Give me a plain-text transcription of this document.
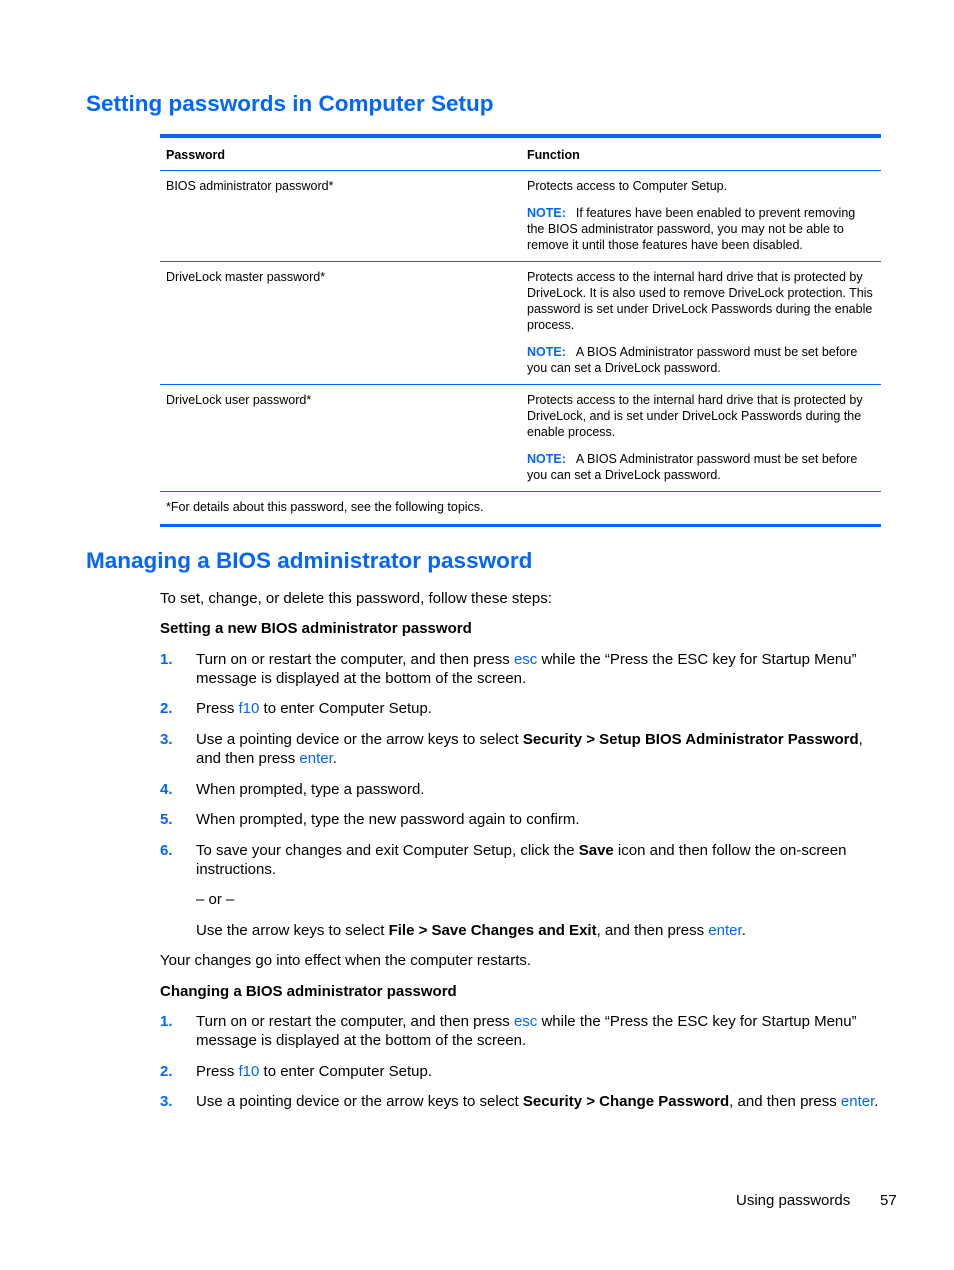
Setting passwords in Computer Setup
Password	Function
BIOS administrator password*	Protects access to Computer Setup.

NOTE: If features have been enabled to prevent removing the BIOS administrator password, you may not be able to remove it until those features have been disabled.

DriveLock master password*	Protects access to the internal hard drive that is protected by DriveLock. It is also used to remove DriveLock protection. This password is set under DriveLock Passwords during the enable process.

NOTE: A BIOS Administrator password must be set before you can set a DriveLock password.

DriveLock user password*	Protects access to the internal hard drive that is protected by DriveLock, and is set under DriveLock Passwords during the enable process.

NOTE: A BIOS Administrator password must be set before you can set a DriveLock password.

*For details about this password, see the following topics.	
Managing a BIOS administrator password

To set, change, or delete this password, follow these steps:

Setting a new BIOS administrator password

1. Turn on or restart the computer, and then press esc while the “Press the ESC key for Startup Menu” message is displayed at the bottom of the screen.
2. Press f10 to enter Computer Setup.
3. Use a pointing device or the arrow keys to select Security > Setup BIOS Administrator Password, and then press enter.
4. When prompted, type a password.
5. When prompted, type the new password again to confirm.
6. To save your changes and exit Computer Setup, click the Save icon and then follow the on-screen instructions.
– or –
Use the arrow keys to select File > Save Changes and Exit, and then press enter.

Your changes go into effect when the computer restarts.

Changing a BIOS administrator password

1. Turn on or restart the computer, and then press esc while the “Press the ESC key for Startup Menu” message is displayed at the bottom of the screen.
2. Press f10 to enter Computer Setup.
3. Use a pointing device or the arrow keys to select Security > Change Password, and then press enter.
Using passwords 57
